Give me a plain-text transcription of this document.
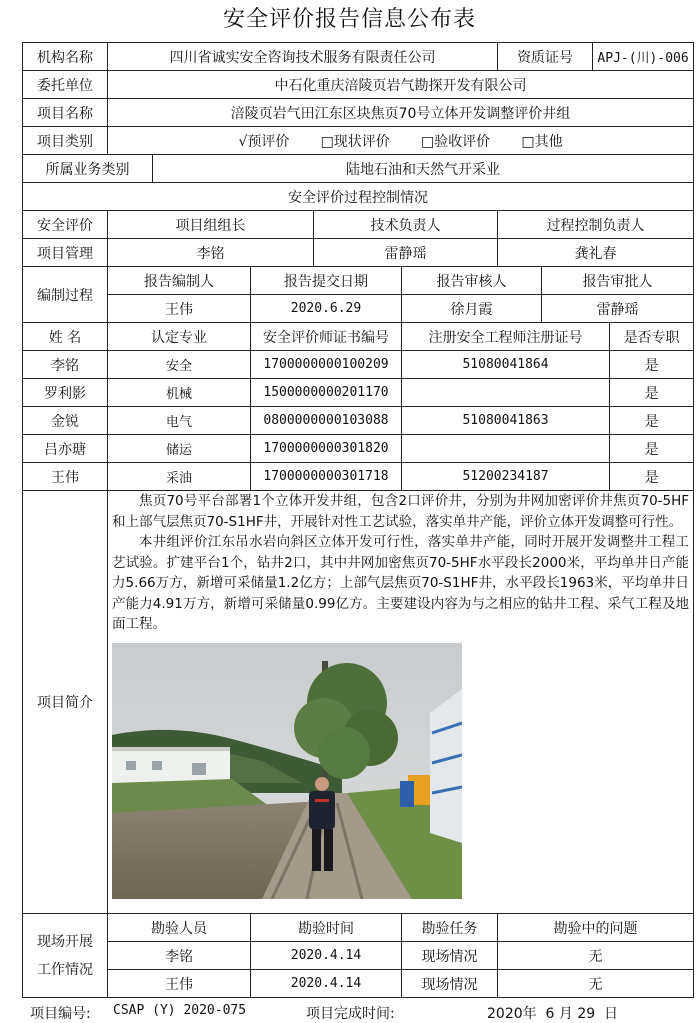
安全评价报告信息公布表
机构名称	四川省诚实安全咨询技术服务有限责任公司					资质证号		APJ-(川)-006	
委托单位	中石化重庆涪陵页岩气勘探开发有限公司								
项目名称	涪陵页岩气田江东区块焦页70号立体开发调整评价井组								
项目类别	√预评价 □现状评价 □验收评价 □其他								
所属业务类别		陆地石油和天然气开采业							
安全评价过程控制情况									
安全评价	项目组组长			技术负责人		过程控制负责人			
项目管理	李铭			雷静瑶		龚礼春			
编制过程	报告编制人		报告提交日期		报告审核人		报告审批人		
	王伟		2020.6.29		徐月霞		雷静瑶		
姓 名	认定专业		安全评价师证书编号		注册安全工程师注册证号				是否专职
李铭	安全		1700000000100209		51080041864				是
罗利影	机械		1500000000201170						是
金锐	电气		0800000000103088		51080041863				是
吕亦瑭	储运		1700000000301820						是
王伟	采油		1700000000301718		51200234187				是
项目简介	焦页70号平台部署1个立体开发井组，包含2口评价井，分别为井网加密评价井焦页70-5HF和上部气层焦页70-S1HF井，开展针对性工艺试验，落实单井产能，评价立体开发调整可行性。

本井组评价江东吊水岩向斜区立体开发可行性，落实单井产能，同时开展开发调整井工程工艺试验。扩建平台1个，钻井2口，其中井网加密焦页70-5HF水平段长2000米，平均单井日产能力5.66万方，新增可采储量1.2亿方；上部气层焦页70-S1HF井，水平段长1963米，平均单井日产能力4.91万方，新增可采储量0.99亿方。主要建设内容为与之相应的钻井工程、采气工程及地面工程。								

现场开展
工作情况	勘验人员		勘验时间		勘验任务	勘验中的问题			
	李铭		2020.4.14		现场情况	无			
	王伟		2020.4.14		现场情况	无			
项目编号: CSAP (Y) 2020-075	项目完成时间:	2020年  6 月 29  日
